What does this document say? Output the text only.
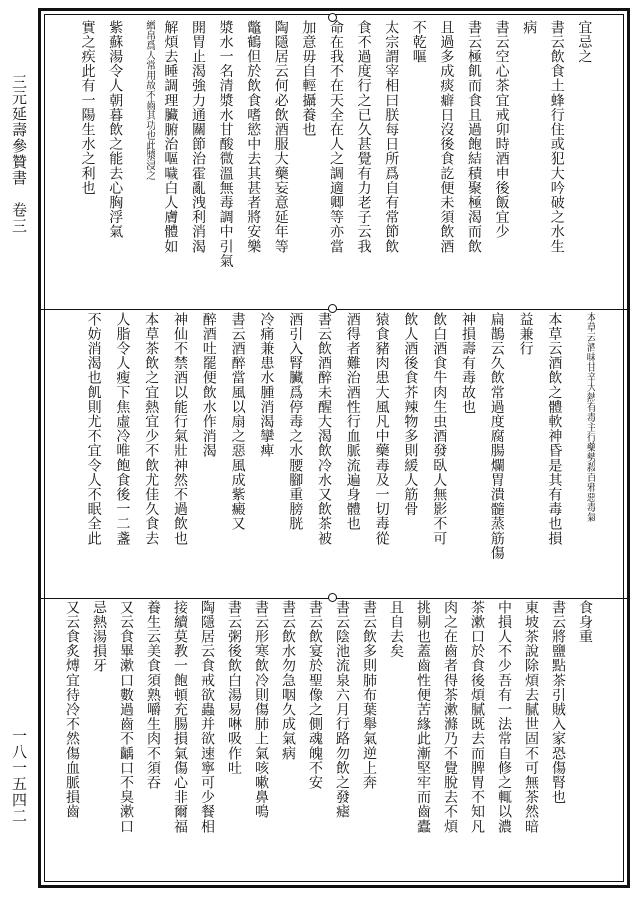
三元延壽參贊書　卷三
一八一五四二
宜忌之
書云飲食土蜂行住或犯大吟破之水生
病
書云空心茶宜戒卯時酒申後飯宜少
書云極飢而食且過飽結積聚極渴而飲
且過多成痰癖日沒後食訖便未須飲酒
不乾嘔
太宗謂宰相曰朕每日所爲自有常節飲
食不過度行之已久甚覺有力老子云我
命在我不在天全在人之調適卿等亦當
加意毋自輕攝養也
陶隱居云何必飲酒服大藥妄意延年等
鼈鶴但於飲食嗜慾中去其甚者將安樂
漿水一名清漿水甘酸微溫無毒調中引氣
開胃止渴強力通關節治霍亂洩利消渴
解煩去睡調理臟腑治嘔噦白人膚體如
繒帛爲人常用故不齒其功也此漿浸之
紫蘇湯令人朝暮飲之能去心胸浮氣
實之疾此有一陽生水之利也
本草云酒味甘辛大熱有毒主行藥勢殺百邪惡毒氣
本草云酒飲之體軟神昏是其有毒也損
益兼行
扁鵲云久飲常過度腐腸爛胃潰髓蒸筋傷
神損壽有毒故也
飲白酒食牛肉生虫酒發臥人無影不可
飲人酒後食芥辣物多則緩人筋骨
猿食豬肉患大風凡中藥毒及一切毒從
酒得者難治酒性行血脈流遍身體也
書云飲酒醉未醒大渴飲冷水又飲茶被
酒引入腎臟爲停毒之水腰腳重膀胱
冷痛兼患水腫消渴攣痺
書云酒醉當風以扇之惡風成紫癜又
醉酒吐罷便飲水作消渴
神仙不禁酒以能行氣壯神然不過飲也
本草茶飲之宜熱宜少不飲尤佳久食去
人脂令人瘦下焦虛冷唯飽食後一二盞
不妨消渴也飢則尤不宜令人不眠全此
食身重
書云將鹽點茶引賊入家恐傷腎也
東坡茶說除煩去膩世固不可無茶然暗
中損人不少吾有一法常自修之輒以濃
茶漱口於食後煩膩既去而脾胃不知凡
肉之在齒者得茶漱滌乃不覺脫去不煩
挑剔也蓋齒性便苦緣此漸堅牢而齒蠹
且自去矣
書云飲多則肺布葉舉氣逆上奔
書云陰池流泉六月行路勿飲之發瘧
書云飲宴於聖像之側魂魄不安
書云飲水勿急咽久成氣病
書云形寒飲冷則傷肺上氣咳嗽鼻鳴
書云粥後飲白湯易啉吸作吐
陶隱居云食戒欲蟲并欲速寧可少餐相
接續莫教一飽頓充腸損氣傷心非爾福
養生云美食須熟嚼生肉不須吞
又云食畢漱口數過齒不齲口不臭漱口
忌熱湯損牙
又云食炙煿宜待冷不然傷血脈損齒
